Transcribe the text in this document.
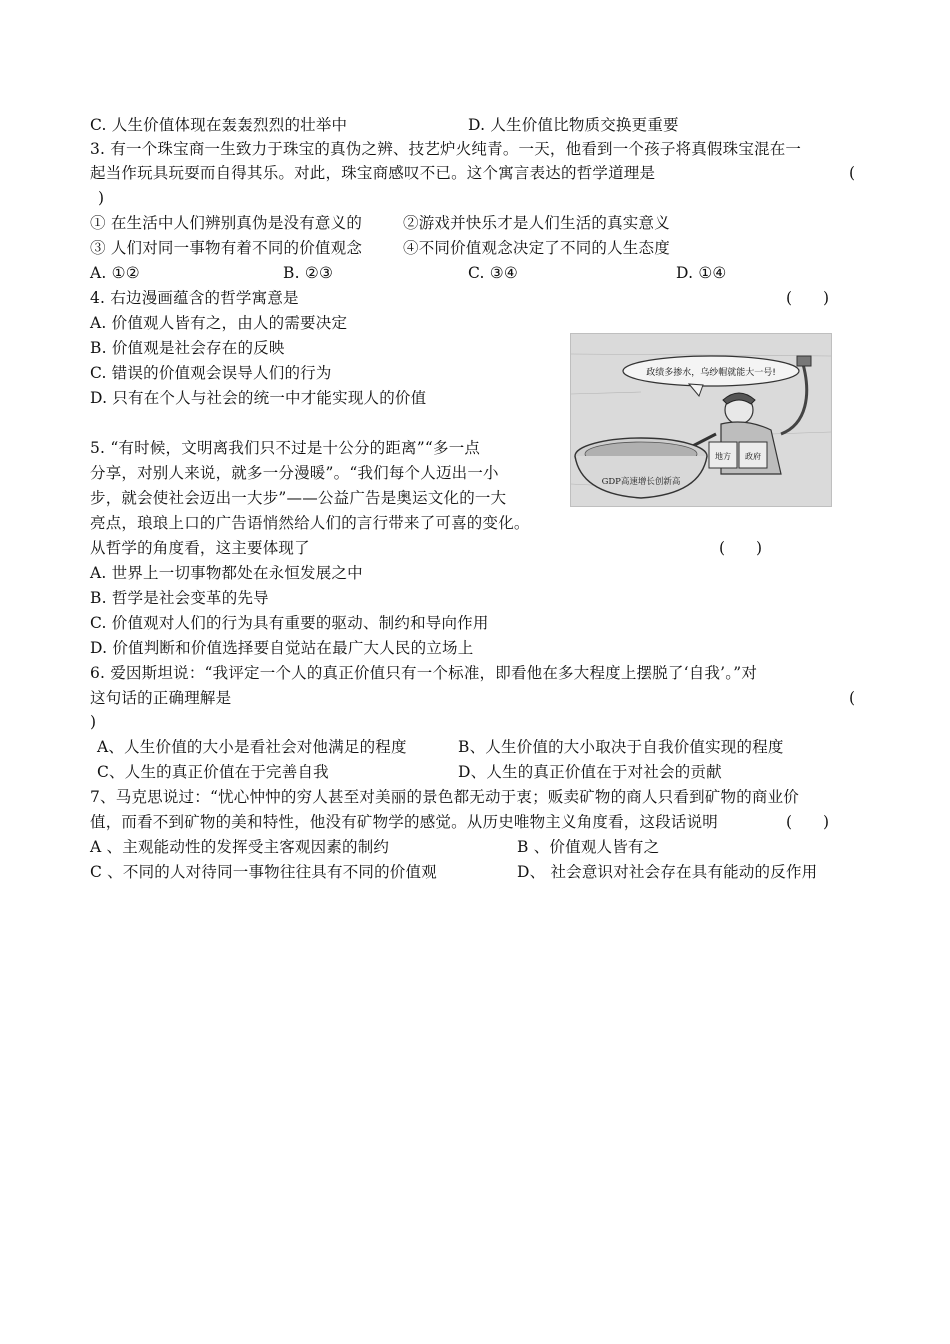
C. 人生价值体现在轰轰烈烈的壮举中	D. 人生价值比物质交换更重要
3. 有一个珠宝商一生致力于珠宝的真伪之辨、技艺炉火纯青。一天，他看到一个孩子将真假珠宝混在一
起当作玩具玩耍而自得其乐。对此，珠宝商感叹不已。这个寓言表达的哲学道理是	(
)
① 在生活中人们辨别真伪是没有意义的	②游戏并快乐才是人们生活的真实意义
③ 人们对同一事物有着不同的价值观念	④不同价值观念决定了不同的人生态度
A. ①②	B. ②③	C. ③④	D. ①④
4. 右边漫画蕴含的哲学寓意是	(　　)
A. 价值观人皆有之，由人的需要决定
B. 价值观是社会存在的反映
C. 错误的价值观会误导人们的行为
D. 只有在个人与社会的统一中才能实现人的价值
政绩多掺水，乌纱帽就能大一号!
地方 政府
GDP高速增长创新高
5. “有时候，文明离我们只不过是十公分的距离”“多一点
分享，对别人来说，就多一分漫暖”。“我们每个人迈出一小
步，就会使社会迈出一大步”——公益广告是奥运文化的一大
亮点，琅琅上口的广告语悄然给人们的言行带来了可喜的变化。
从哲学的角度看，这主要体现了	(　　)
A. 世界上一切事物都处在永恒发展之中
B. 哲学是社会变革的先导
C. 价值观对人们的行为具有重要的驱动、制约和导向作用
D. 价值判断和价值选择要自觉站在最广大人民的立场上
6. 爱因斯坦说：“我评定一个人的真正价值只有一个标准，即看他在多大程度上摆脱了‘自我’。”对
这句话的正确理解是	(
)
A、人生价值的大小是看社会对他满足的程度	B、人生价值的大小取决于自我价值实现的程度
C、人生的真正价值在于完善自我	D、人生的真正价值在于对社会的贡献
7、马克思说过：“忧心忡忡的穷人甚至对美丽的景色都无动于衷；贩卖矿物的商人只看到矿物的商业价
值，而看不到矿物的美和特性，他没有矿物学的感觉。从历史唯物主义角度看，这段话说明	(　　)
A 、主观能动性的发挥受主客观因素的制约	B 、价值观人皆有之
C 、不同的人对待同一事物往往具有不同的价值观	D、 社会意识对社会存在具有能动的反作用
